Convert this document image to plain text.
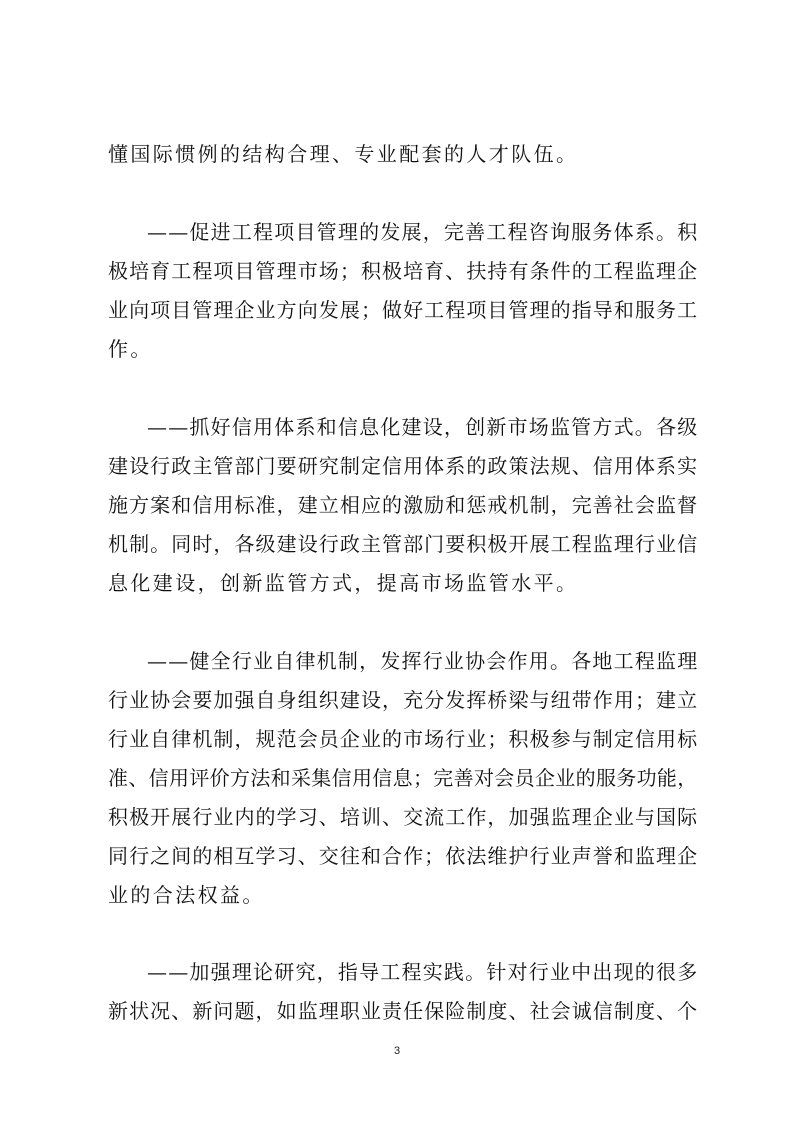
懂国际惯例的结构合理、专业配套的人才队伍。
——促进工程项目管理的发展，完善工程咨询服务体系。积
极培育工程项目管理市场；积极培育、扶持有条件的工程监理企
业向项目管理企业方向发展；做好工程项目管理的指导和服务工
作。
——抓好信用体系和信息化建设，创新市场监管方式。各级
建设行政主管部门要研究制定信用体系的政策法规、信用体系实
施方案和信用标准，建立相应的激励和惩戒机制，完善社会监督
机制。同时，各级建设行政主管部门要积极开展工程监理行业信
息化建设，创新监管方式，提高市场监管水平。
——健全行业自律机制，发挥行业协会作用。各地工程监理
行业协会要加强自身组织建设，充分发挥桥梁与纽带作用；建立
行业自律机制，规范会员企业的市场行业；积极参与制定信用标
准、信用评价方法和采集信用信息；完善对会员企业的服务功能，
积极开展行业内的学习、培训、交流工作，加强监理企业与国际
同行之间的相互学习、交往和合作；依法维护行业声誉和监理企
业的合法权益。
——加强理论研究，指导工程实践。针对行业中出现的很多
新状况、新问题，如监理职业责任保险制度、社会诚信制度、个
3
